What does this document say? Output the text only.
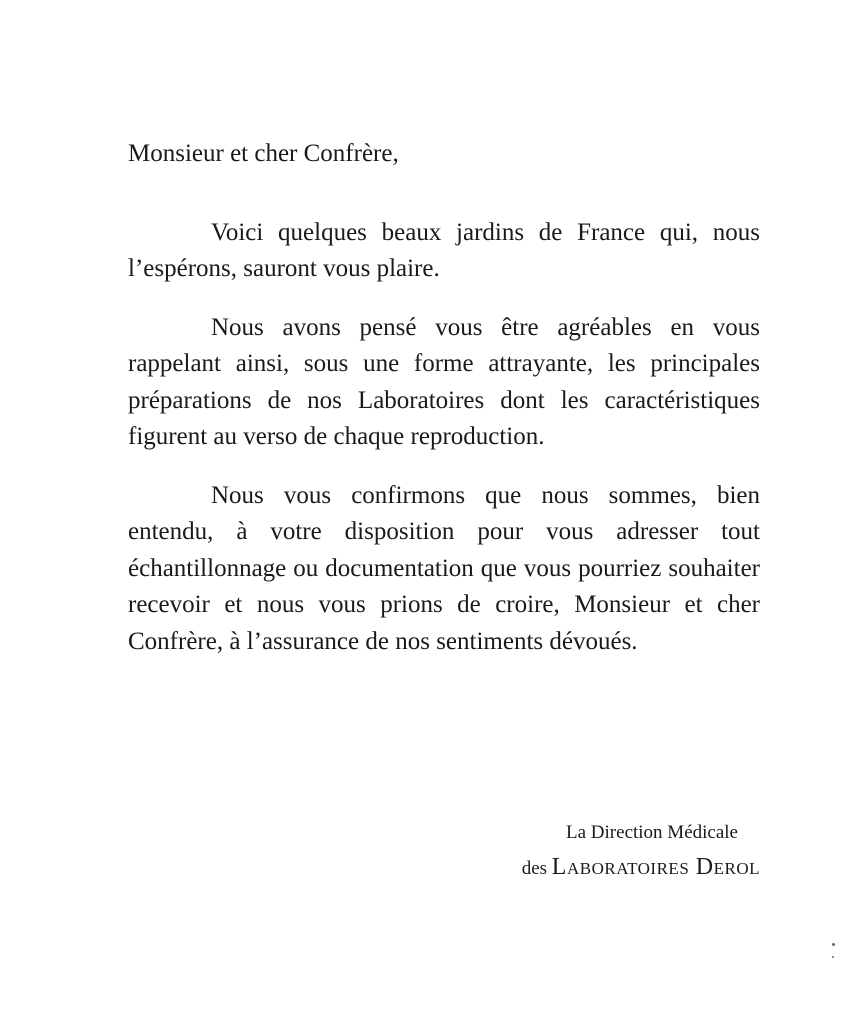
Monsieur et cher Confrère,

Voici quelques beaux jardins de France qui, nous l’espérons, sauront vous plaire.

Nous avons pensé vous être agréables en vous rappelant ainsi, sous une forme attrayante, les principales préparations de nos Laboratoires dont les caractéristiques figurent au verso de chaque reproduction.

Nous vous confirmons que nous sommes, bien entendu, à votre disposition pour vous adresser tout échantillonnage ou documentation que vous pourriez souhaiter recevoir et nous vous prions de croire, Monsieur et cher Confrère, à l’assurance de nos sentiments dévoués.

La Direction Médicale
des Laboratoires Derol
